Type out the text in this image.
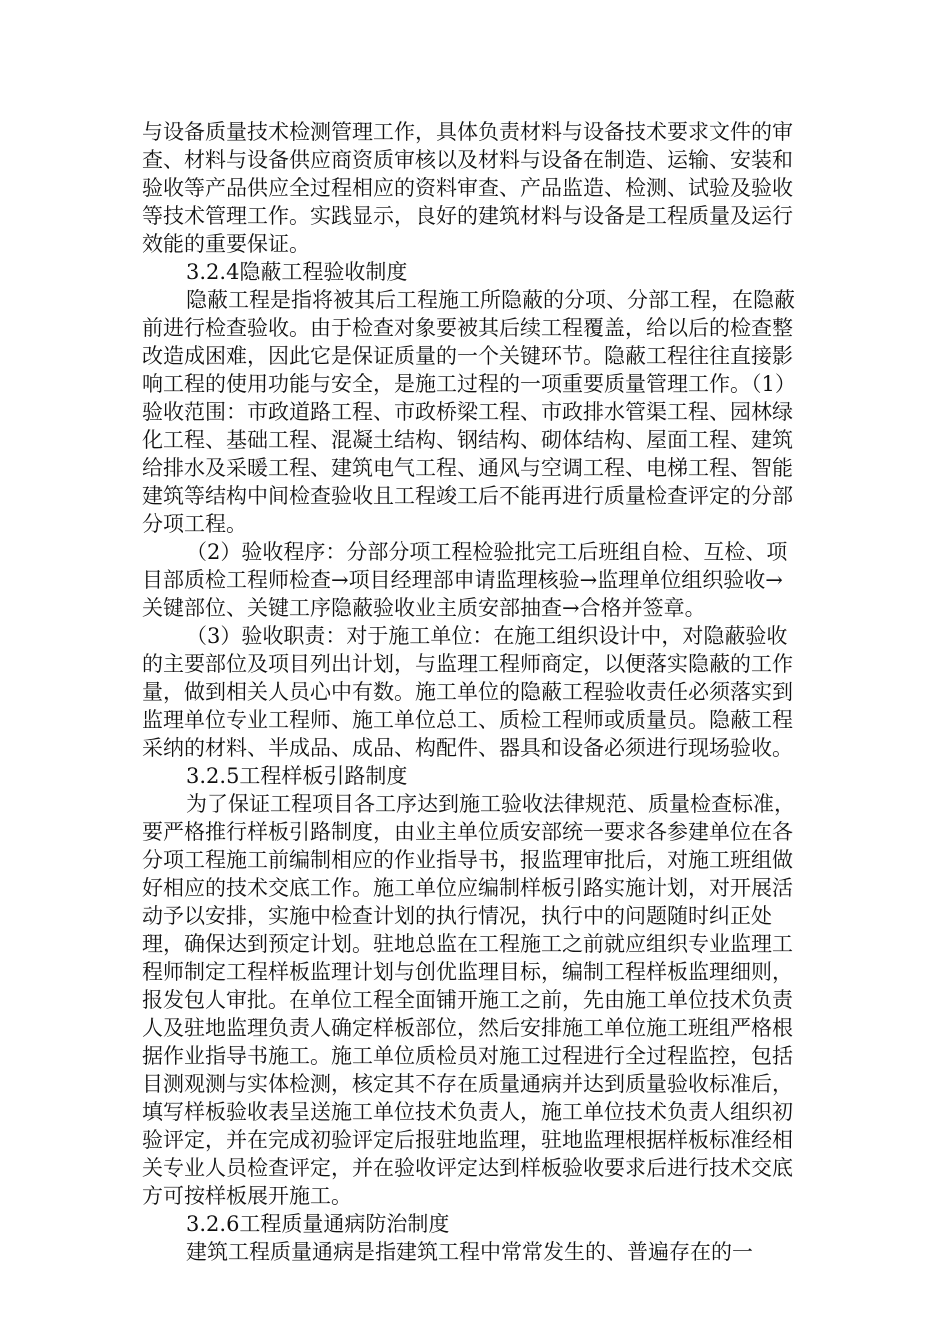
与设备质量技术检测管理工作，具体负责材料与设备技术要求文件的审查、材料与设备供应商资质审核以及材料与设备在制造、运输、安装和验收等产品供应全过程相应的资料审查、产品监造、检测、试验及验收等技术管理工作。实践显示，良好的建筑材料与设备是工程质量及运行效能的重要保证。

3.2.4隐蔽工程验收制度

隐蔽工程是指将被其后工程施工所隐蔽的分项、分部工程，在隐蔽前进行检查验收。由于检查对象要被其后续工程覆盖，给以后的检查整改造成困难，因此它是保证质量的一个关键环节。隐蔽工程往往直接影响工程的使用功能与安全，是施工过程的一项重要质量管理工作。（1）验收范围：市政道路工程、市政桥梁工程、市政排水管渠工程、园林绿化工程、基础工程、混凝土结构、钢结构、砌体结构、屋面工程、建筑给排水及采暖工程、建筑电气工程、通风与空调工程、电梯工程、智能建筑等结构中间检查验收且工程竣工后不能再进行质量检查评定的分部分项工程。

（2）验收程序：分部分项工程检验批完工后班组自检、互检、项目部质检工程师检查→项目经理部申请监理核验→监理单位组织验收→关键部位、关键工序隐蔽验收业主质安部抽查→合格并签章。

（3）验收职责：对于施工单位：在施工组织设计中，对隐蔽验收的主要部位及项目列出计划，与监理工程师商定，以便落实隐蔽的工作量，做到相关人员心中有数。施工单位的隐蔽工程验收责任必须落实到监理单位专业工程师、施工单位总工、质检工程师或质量员。隐蔽工程采纳的材料、半成品、成品、构配件、器具和设备必须进行现场验收。

3.2.5工程样板引路制度

为了保证工程项目各工序达到施工验收法律规范、质量检查标准，要严格推行样板引路制度，由业主单位质安部统一要求各参建单位在各分项工程施工前编制相应的作业指导书，报监理审批后，对施工班组做好相应的技术交底工作。施工单位应编制样板引路实施计划，对开展活动予以安排，实施中检查计划的执行情况，执行中的问题随时纠正处理，确保达到预定计划。驻地总监在工程施工之前就应组织专业监理工程师制定工程样板监理计划与创优监理目标，编制工程样板监理细则，报发包人审批。在单位工程全面铺开施工之前，先由施工单位技术负责人及驻地监理负责人确定样板部位，然后安排施工单位施工班组严格根据作业指导书施工。施工单位质检员对施工过程进行全过程监控，包括目测观测与实体检测，核定其不存在质量通病并达到质量验收标准后，填写样板验收表呈送施工单位技术负责人，施工单位技术负责人组织初验评定，并在完成初验评定后报驻地监理，驻地监理根据样板标准经相关专业人员检查评定，并在验收评定达到样板验收要求后进行技术交底方可按样板展开施工。

3.2.6工程质量通病防治制度

建筑工程质量通病是指建筑工程中常常发生的、普遍存在的一
